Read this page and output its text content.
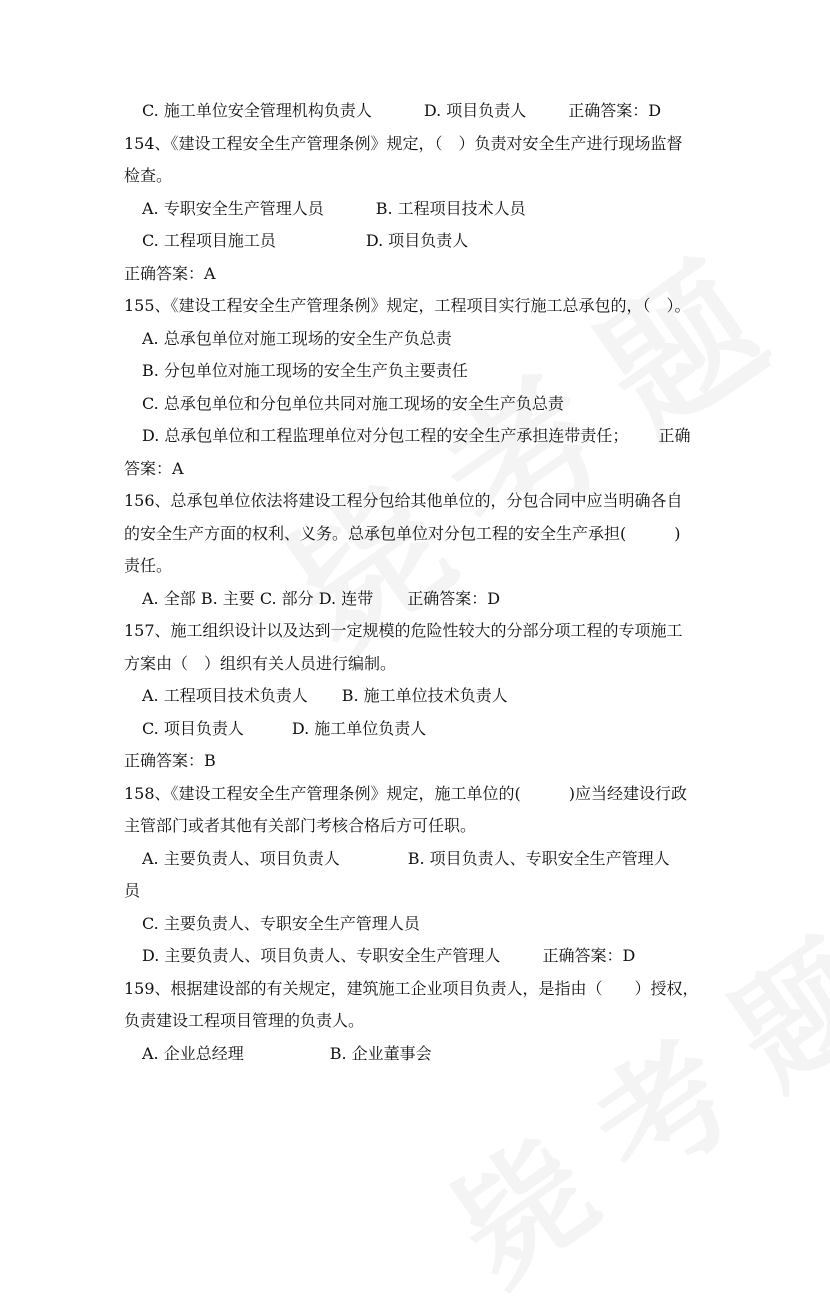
C. 施工单位安全管理机构负责人	D. 项目负责人	正确答案：D
154、《建设工程安全生产管理条例》规定，（　）负责对安全生产进行现场监督
检查。
A. 专职安全生产管理人员	B. 工程项目技术人员
C. 工程项目施工员	D. 项目负责人
正确答案：A
155、《建设工程安全生产管理条例》规定，工程项目实行施工总承包的，（　）。
A. 总承包单位对施工现场的安全生产负总责
B. 分包单位对施工现场的安全生产负主要责任
C. 总承包单位和分包单位共同对施工现场的安全生产负总责
D. 总承包单位和工程监理单位对分包工程的安全生产承担连带责任； 正确
答案：A
156、总承包单位依法将建设工程分包给其他单位的，分包合同中应当明确各自
的安全生产方面的权利、义务。总承包单位对分包工程的安全生产承担(　　　)
责任。
A. 全部 B. 主要 C. 部分 D. 连带 正确答案：D
157、施工组织设计以及达到一定规模的危险性较大的分部分项工程的专项施工
方案由（　）组织有关人员进行编制。
A. 工程项目技术负责人 B. 施工单位技术负责人
C. 项目负责人	D. 施工单位负责人
正确答案：B
158、《建设工程安全生产管理条例》规定，施工单位的(　　　)应当经建设行政
主管部门或者其他有关部门考核合格后方可任职。
A. 主要负责人、项目负责人	B. 项目负责人、专职安全生产管理人
员
C. 主要负责人、专职安全生产管理人员
D. 主要负责人、项目负责人、专职安全生产管理人	正确答案：D
159、根据建设部的有关规定，建筑施工企业项目负责人，是指由（　　）授权，
负责建设工程项目管理的负责人。
A. 企业总经理	B. 企业董事会
